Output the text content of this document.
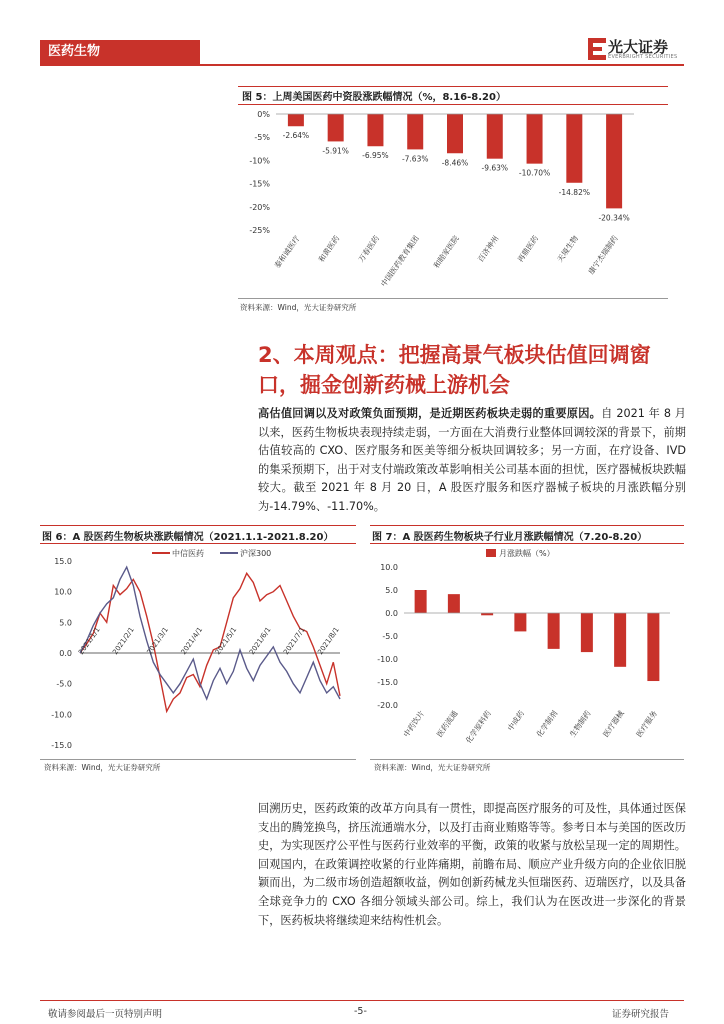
医药生物	光大证券
EVERBRIGHT SECURITIES
图 5：上周美国医药中资股涨跌幅情况（%，8.16-8.20）
0%
-5%
-10%
-15%
-20%
-25%
-2.64%
泰和诚医疗
-5.91%
和黄医药
-6.95%
万春医药
-7.63%
中国医药教育集团
-8.46%
和睦家医院
-9.63%
百济神州
-10.70%
再鼎医药
-14.82%
天境生物
-20.34%
康宁杰瑞制药
资料来源：Wind，光大证券研究所
2、本周观点：把握高景气板块估值回调窗口，掘金创新药械上游机会
高估值回调以及对政策负面预期，是近期医药板块走弱的重要原因。自 2021 年 8 月以来，医药生物板块表现持续走弱，一方面在大消费行业整体回调较深的背景下，前期估值较高的 CXO、医疗服务和医美等细分板块回调较多；另一方面，在疗设备、IVD 的集采预期下，出于对支付端政策改革影响相关公司基本面的担忧，医疗器械板块跌幅较大。截至 2021 年 8 月 20 日，A 股医疗服务和医疗器械子板块的月涨跌幅分别为-14.79%、-11.70%。
图 6：A 股医药生物板块涨跌幅情况（2021.1.1-2021.8.20）
中信医药	沪深300
15.0
10.0
5.0
0.0
-5.0
-10.0
-15.0
2021/1/1 2021/2/1 2021/3/1 2021/4/1 2021/5/1 2021/6/1 2021/7/1 2021/8/1
资料来源：Wind，光大证券研究所
图 7：A 股医药生物板块子行业月涨跌幅情况（7.20-8.20）
月涨跌幅（%）
10.0
5.0
0.0
-5.0
-10.0
-15.0
-20.0
中药饮片 医药流通 化学原料药 中成药 化学制剂 生物制药 医疗器械 医疗服务
资料来源：Wind，光大证券研究所
回溯历史，医药政策的改革方向具有一贯性，即提高医疗服务的可及性，具体通过医保支出的腾笼换鸟，挤压流通端水分，以及打击商业贿赂等等。参考日本与美国的医改历史，为实现医疗公平性与医药行业效率的平衡，政策的收紧与放松呈现一定的周期性。回观国内，在政策调控收紧的行业阵痛期，前瞻布局、顺应产业升级方向的企业依旧脱颖而出，为二级市场创造超额收益，例如创新药械龙头恒瑞医药、迈瑞医疗，以及具备全球竞争力的 CXO 各细分领域头部公司。综上，我们认为在医改进一步深化的背景下，医药板块将继续迎来结构性机会。
敬请参阅最后一页特别声明	-5-	证券研究报告
